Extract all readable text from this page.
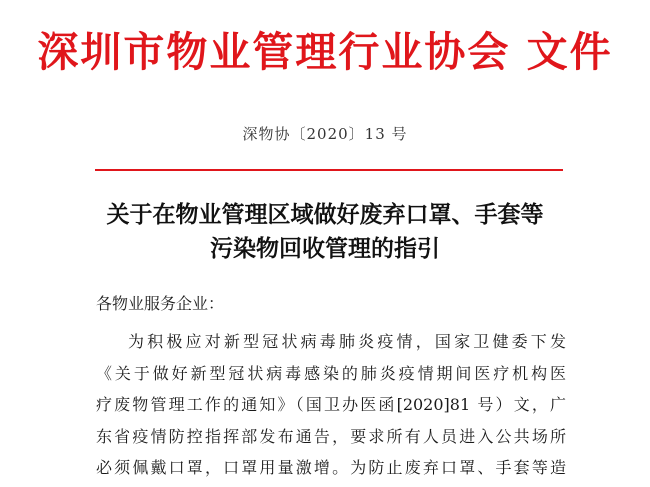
深圳市物业管理行业协会 文件
深物协〔2020〕13 号
关于在物业管理区域做好废弃口罩、手套等
污染物回收管理的指引
各物业服务企业：
为积极应对新型冠状病毒肺炎疫情，国家卫健委下发
《关于做好新型冠状病毒感染的肺炎疫情期间医疗机构医
疗废物管理工作的通知》（国卫办医函[2020]81 号）文，广
东省疫情防控指挥部发布通告，要求所有人员进入公共场所
必须佩戴口罩，口罩用量激增。为防止废弃口罩、手套等造
